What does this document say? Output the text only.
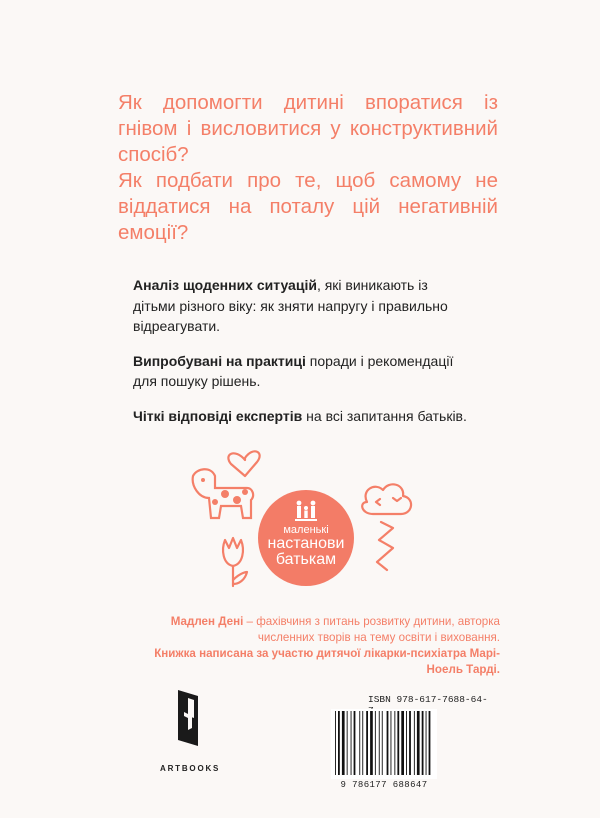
Як допомогти дитині впоратися із гнівом і висловитися у конструктивний спосіб?

Як подбати про те, щоб самому не віддатися на поталу цій негативній емоції?

Аналіз щоденних ситуацій, які виникають із дітьми різного віку: як зняти напругу і правильно відреагувати.

Випробувані на практиці поради і рекомендації для пошуку рішень.

Чіткі відповіді експертів на всі запитання батьків.

маленькі
настанови
батькам

Мадлен Дені – фахівчиня з питань розвитку дитини, авторка численних творів на тему освіти і виховання.

Книжка написана за участю дитячої лікарки-психіатра Марі-Ноель Тарді.

ARTBOOKS
ISBN 978-617-7688-64-
9 786177 688647
